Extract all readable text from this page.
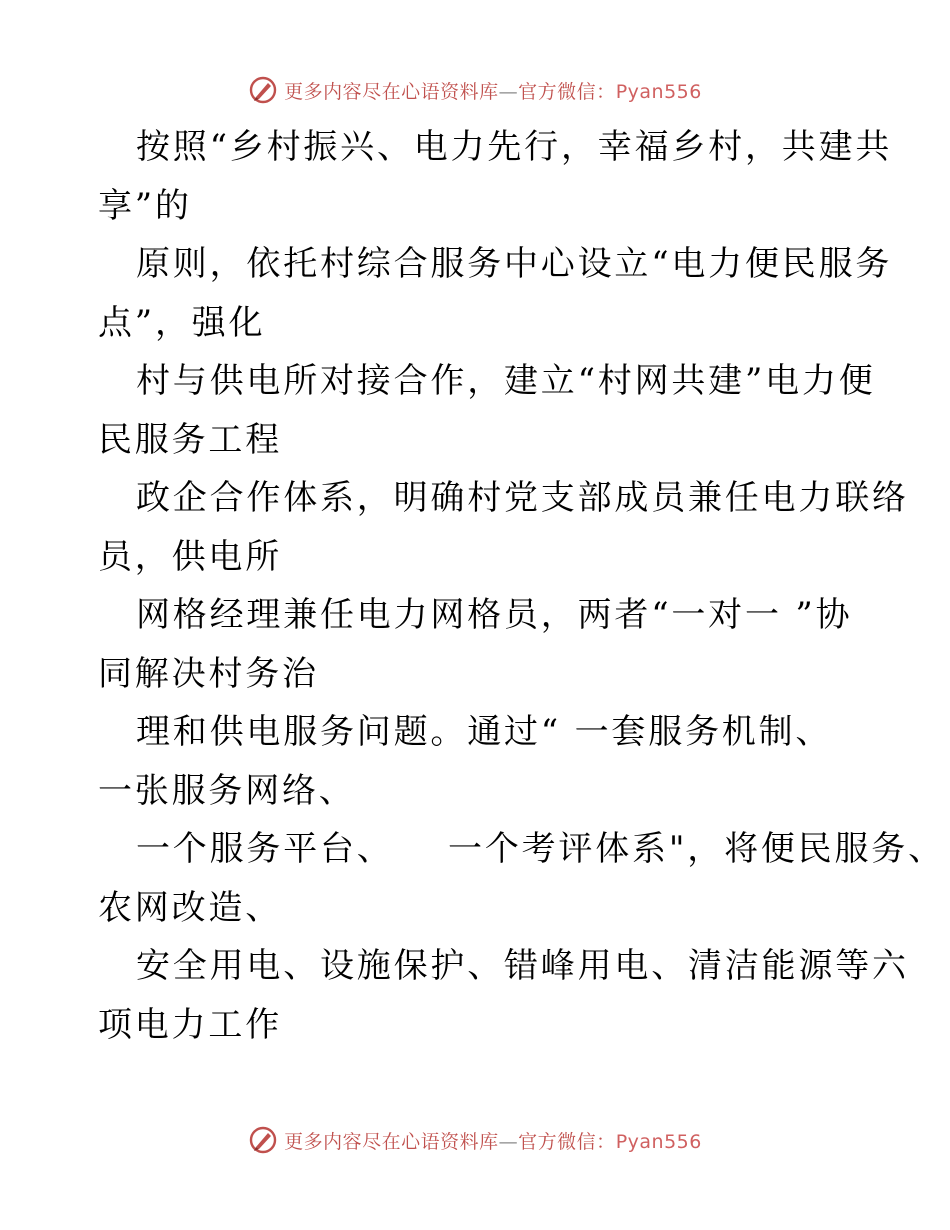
更多内容尽在心语资料库—官方微信：Pyan556
按照“乡村振兴、电力先行，幸福乡村，共建共
享”的
原则，依托村综合服务中心设立“电力便民服务
点”，强化
村与供电所对接合作，建立“村网共建”电力便
民服务工程
政企合作体系，明确村党支部成员兼任电力联络
员，供电所
网格经理兼任电力网格员，两者“一对一 ”协
同解决村务治
理和供电服务问题。通过“ 一套服务机制、
一张服务网络、
一个服务平台、    一个考评体系"，将便民服务、
农网改造、
安全用电、设施保护、错峰用电、清洁能源等六
项电力工作
更多内容尽在心语资料库—官方微信：Pyan556
